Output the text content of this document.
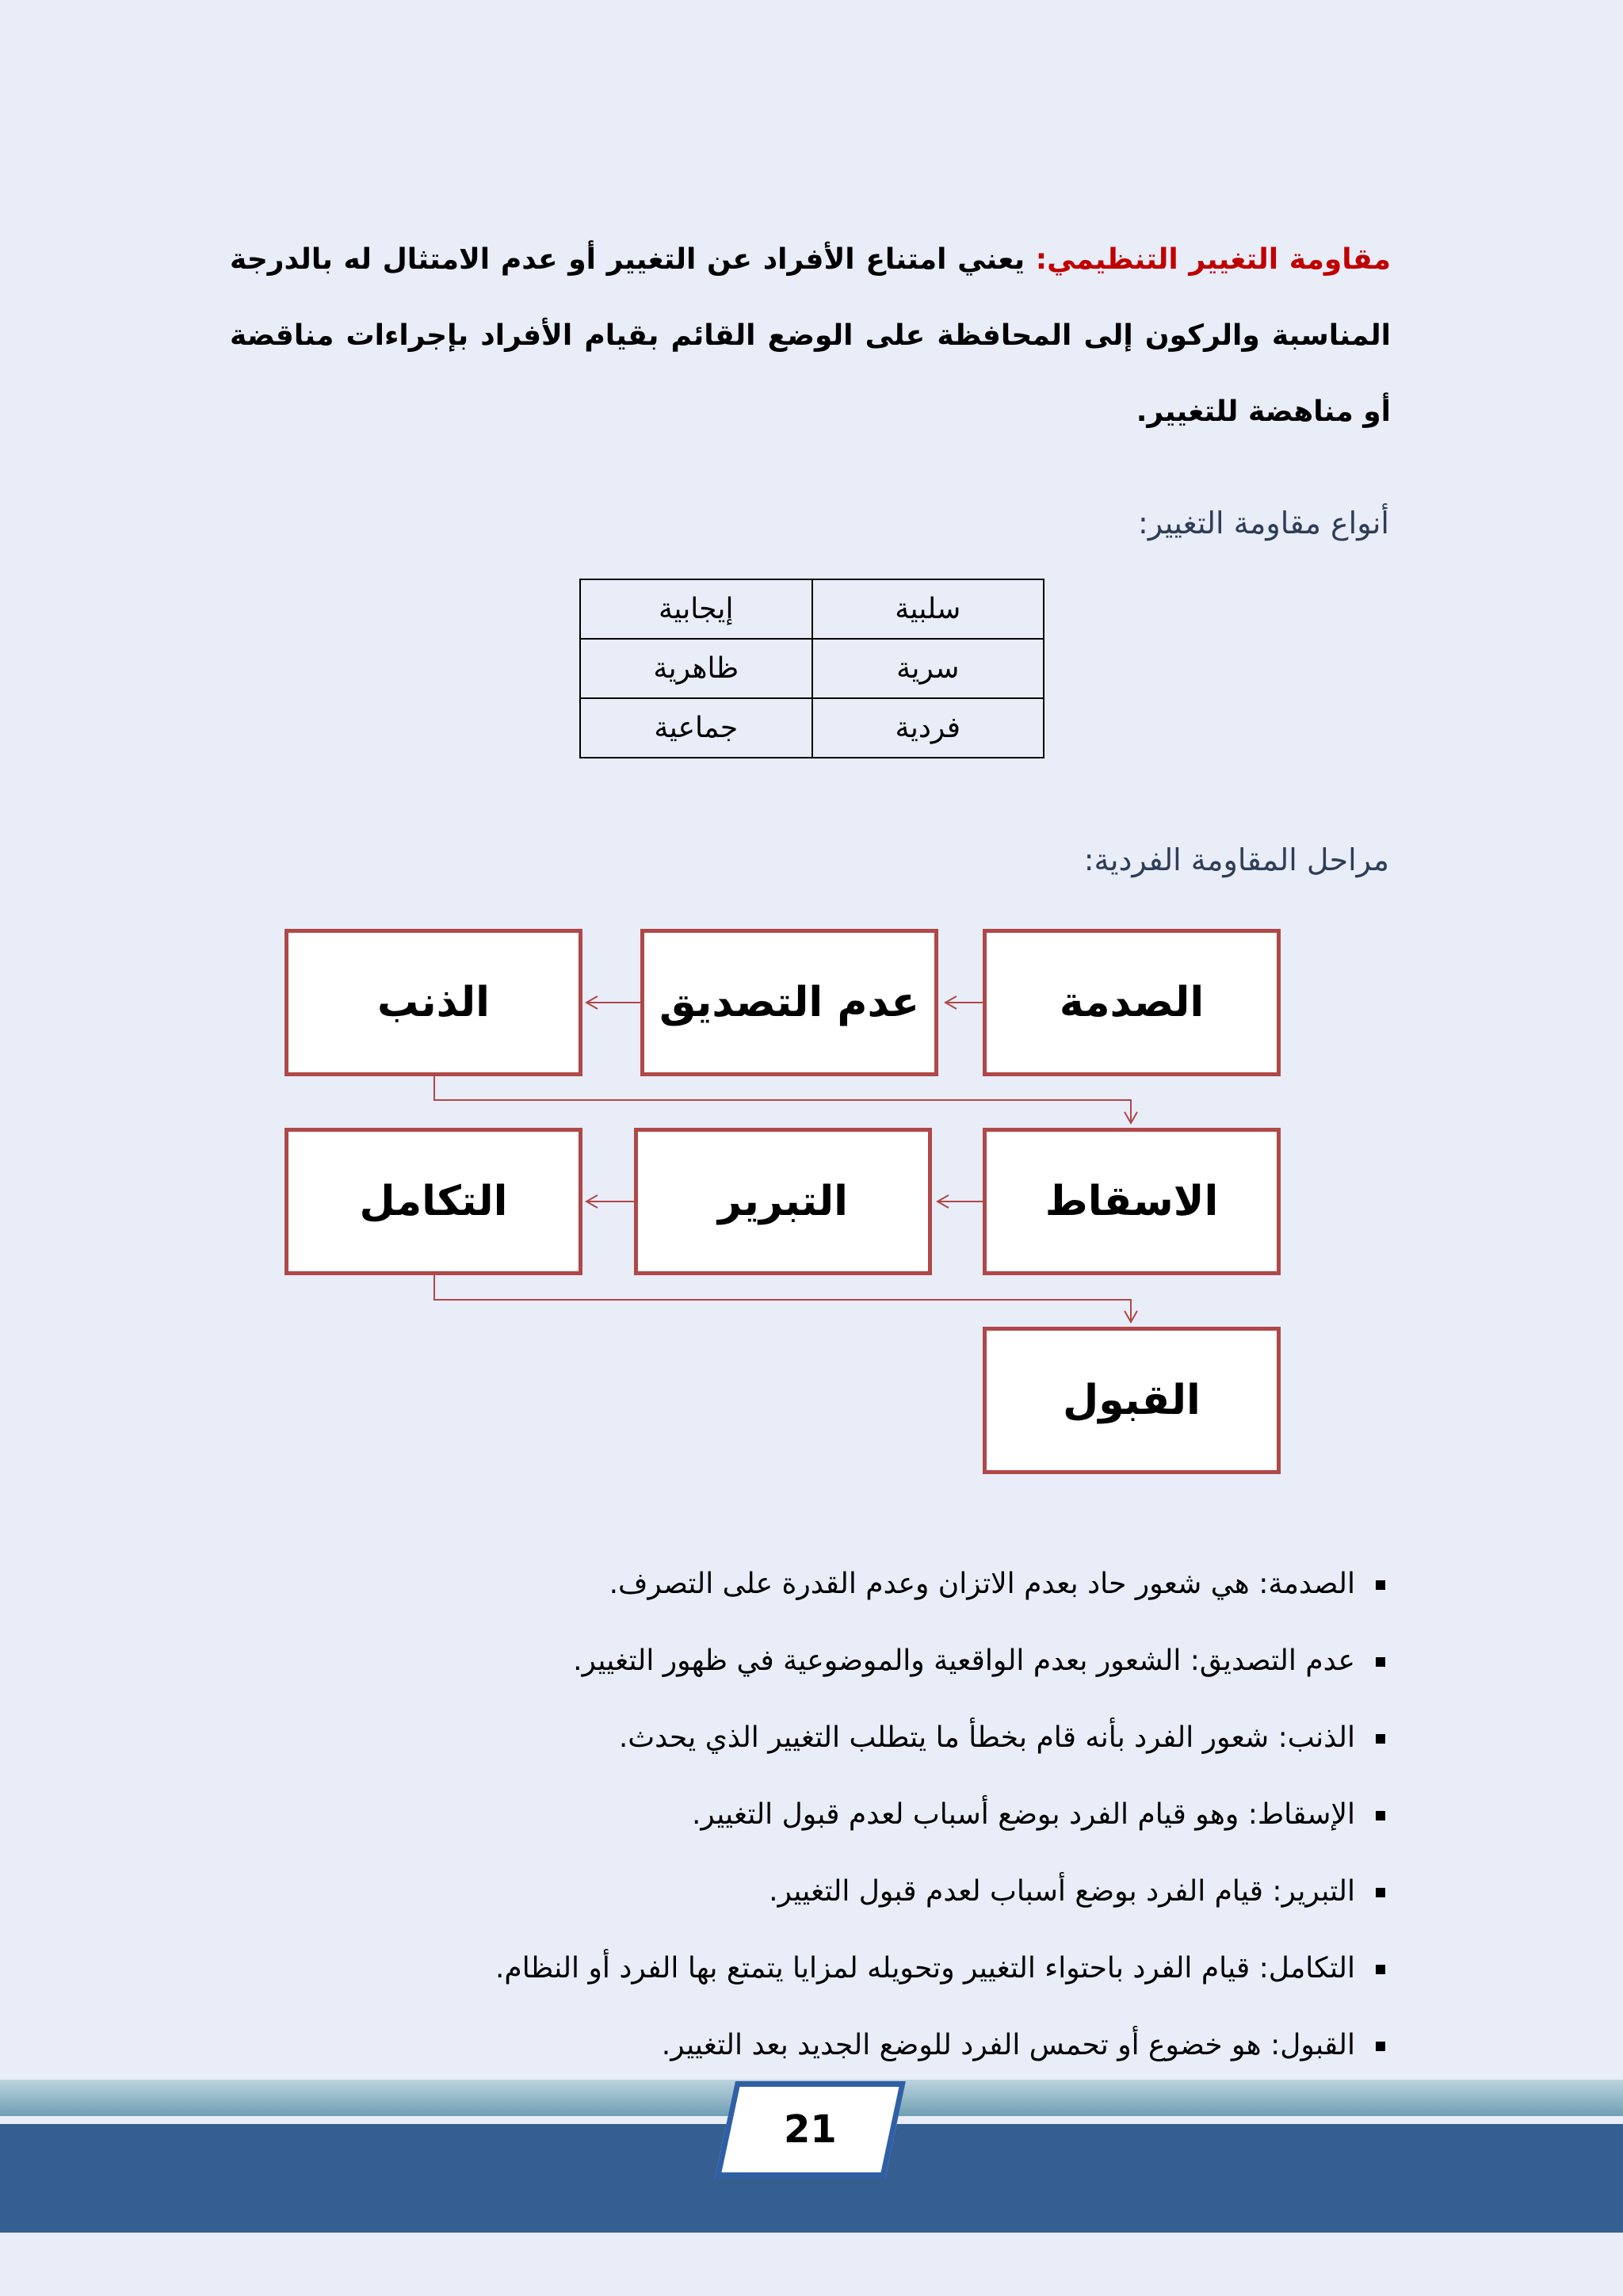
مقاومة التغيير التنظيمي: يعني امتناع الأفراد عن التغيير أو عدم الامتثال له بالدرجة المناسبة والركون إلى المحافظة على الوضع القائم بقيام الأفراد بإجراءات مناقضة أو مناهضة للتغيير.

أنواع مقاومة التغيير:

سلبية	إيجابية
سرية	ظاهرية
فردية	جماعية

مراحل المقاومة الفردية:

الصدمة
عدم التصديق
الذنب
الاسقاط
التبرير
التكامل
القبول
الصدمة: هي شعور حاد بعدم الاتزان وعدم القدرة على التصرف.
عدم التصديق: الشعور بعدم الواقعية والموضوعية في ظهور التغيير.
الذنب: شعور الفرد بأنه قام بخطأ ما يتطلب التغيير الذي يحدث.
الإسقاط: وهو قيام الفرد بوضع أسباب لعدم قبول التغيير.
التبرير: قيام الفرد بوضع أسباب لعدم قبول التغيير.
التكامل: قيام الفرد باحتواء التغيير وتحويله لمزايا يتمتع بها الفرد أو النظام.
القبول: هو خضوع أو تحمس الفرد للوضع الجديد بعد التغيير.
21
